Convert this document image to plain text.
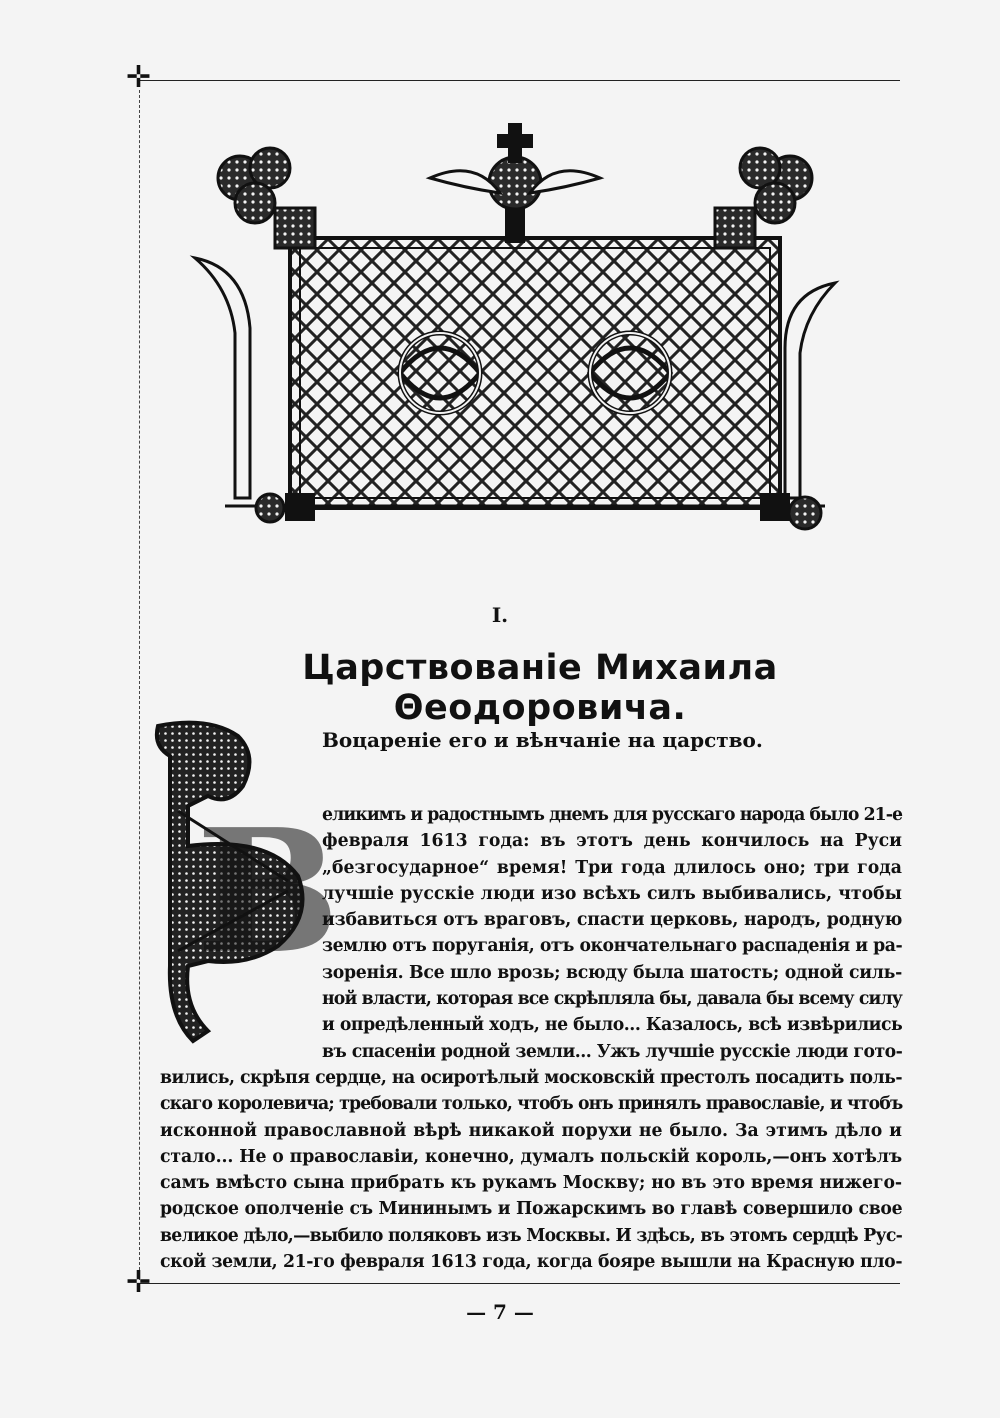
✛
✛
I.
Царствованіе Михаила Θеодоровича.
Воцареніе его и вѣнчаніе на царство.
В
еликимъ и радостнымъ днемъ для русскаго народа было 21-е
февраля 1613 года: въ этотъ день кончилось на Руси
„безгосударное“ время! Три года длилось оно; три года
лучшіе русскіе люди изо всѣхъ силъ выбивались, чтобы
избавиться отъ враговъ, спасти церковь, народъ, родную
землю отъ поруганія, отъ окончательнаго распаденія и ра-
зоренія. Все шло врозь; всюду была шатость; одной силь-
ной власти, которая все скрѣпляла бы, давала бы всему силу
и опредѣленный ходъ, не было... Казалось, всѣ извѣрились
въ спасеніи родной земли... Ужъ лучшіе русскіе люди гото-
вились, скрѣпя сердце, на осиротѣлый московскій престолъ посадить поль-
скаго королевича; требовали только, чтобъ онъ принялъ православіе, и чтобъ
исконной православной вѣрѣ никакой порухи не было. За этимъ дѣло и
стало... Не о православіи, конечно, думалъ польскій король,—онъ хотѣлъ
самъ вмѣсто сына прибрать къ рукамъ Москву; но въ это время нижего-
родское ополченіе съ Мининымъ и Пожарскимъ во главѣ совершило свое
великое дѣло,—выбило поляковъ изъ Москвы. И здѣсь, въ этомъ сердцѣ Рус-
ской земли, 21-го февраля 1613 года, когда бояре вышли на Красную пло-
— 7 —
